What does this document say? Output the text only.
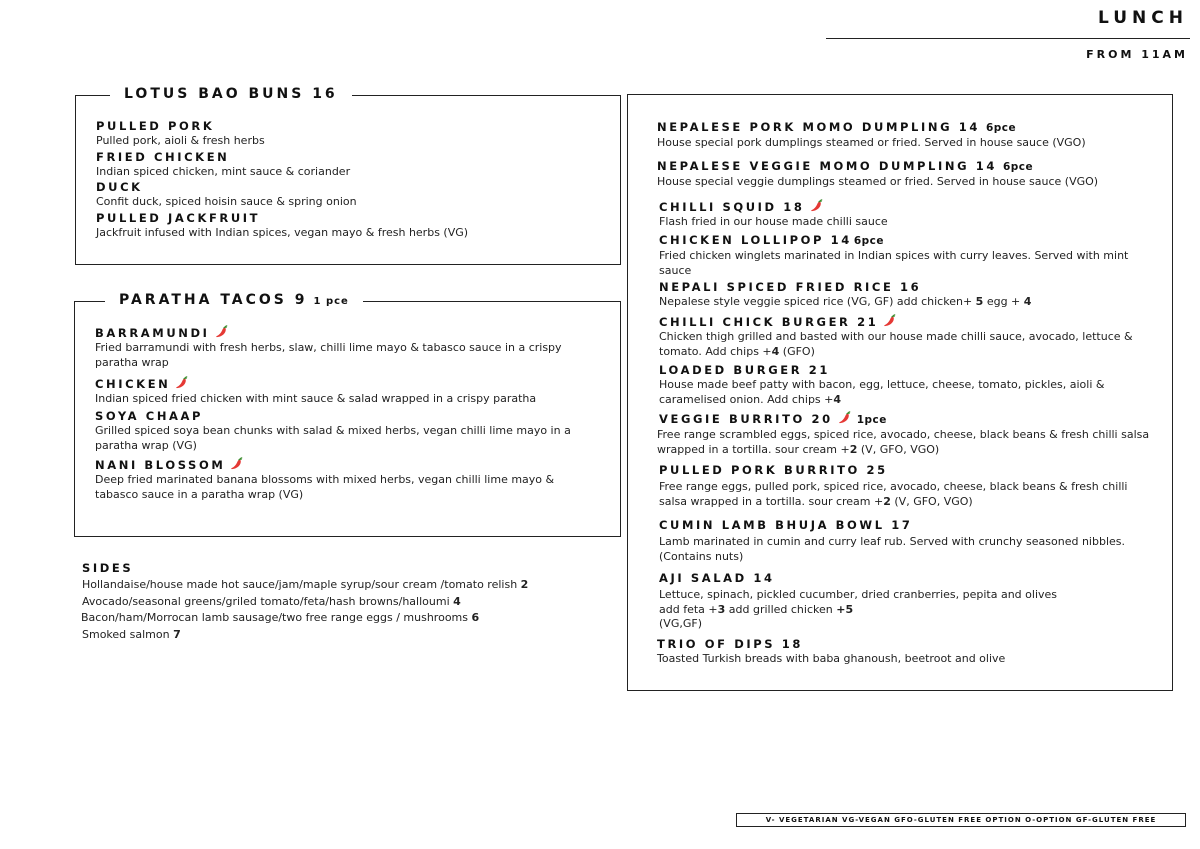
LUNCH
FROM 11AM
LOTUS BAO BUNS 16
PULLED PORK
Pulled pork, aioli & fresh herbs
FRIED CHICKEN
Indian spiced chicken, mint sauce & coriander
DUCK
Confit duck, spiced hoisin sauce & spring onion
PULLED JACKFRUIT
Jackfruit infused with Indian spices, vegan mayo & fresh herbs (VG)
PARATHA TACOS 9 1 pce
BARRAMUNDI
Fried barramundi with fresh herbs, slaw, chilli lime mayo & tabasco sauce in a crispy paratha wrap
CHICKEN
Indian spiced fried chicken with mint sauce & salad wrapped in a crispy paratha
SOYA CHAAP
Grilled spiced soya bean chunks with salad & mixed herbs, vegan chilli lime mayo in a paratha wrap (VG)
NANI BLOSSOM
Deep fried marinated banana blossoms with mixed herbs, vegan chilli lime mayo & tabasco sauce in a paratha wrap (VG)
SIDES
Hollandaise/house made hot sauce/jam/maple syrup/sour cream /tomato relish 2
Avocado/seasonal greens/griled tomato/feta/hash browns/halloumi 4
Bacon/ham/Morrocan lamb sausage/two free range eggs / mushrooms 6
Smoked salmon 7
NEPALESE PORK MOMO DUMPLING 14 6pce
House special pork dumplings steamed or fried. Served in house sauce (VGO)
NEPALESE VEGGIE MOMO DUMPLING 14 6pce
House special veggie dumplings steamed or fried. Served in house sauce (VGO)
CHILLI SQUID 18
Flash fried in our house made chilli sauce
CHICKEN LOLLIPOP 14 6pce
Fried chicken winglets marinated in Indian spices with curry leaves. Served with mint sauce
NEPALI SPICED FRIED RICE 16
Nepalese style veggie spiced rice (VG, GF) add chicken+ 5 egg + 4
CHILLI CHICK BURGER 21
Chicken thigh grilled and basted with our house made chilli sauce, avocado, lettuce & tomato. Add chips +4 (GFO)
LOADED BURGER 21
House made beef patty with bacon, egg, lettuce, cheese, tomato, pickles, aioli & caramelised onion. Add chips +4
VEGGIE BURRITO 20 1pce
Free range scrambled eggs, spiced rice, avocado, cheese, black beans & fresh chilli salsa wrapped in a tortilla. sour cream +2 (V, GFO, VGO)
PULLED PORK BURRITO 25
Free range eggs, pulled pork, spiced rice, avocado, cheese, black beans & fresh chilli salsa wrapped in a tortilla. sour cream +2 (V, GFO, VGO)
CUMIN LAMB BHUJA BOWL 17
Lamb marinated in cumin and curry leaf rub. Served with crunchy seasoned nibbles. (Contains nuts)
AJI SALAD 14
Lettuce, spinach, pickled cucumber, dried cranberries, pepita and olives
add feta +3 add grilled chicken +5
(VG,GF)
TRIO OF DIPS 18
Toasted Turkish breads with baba ghanoush, beetroot and olive
V- VEGETARIAN VG-VEGAN GFO-GLUTEN FREE OPTION O-OPTION GF-GLUTEN FREE
